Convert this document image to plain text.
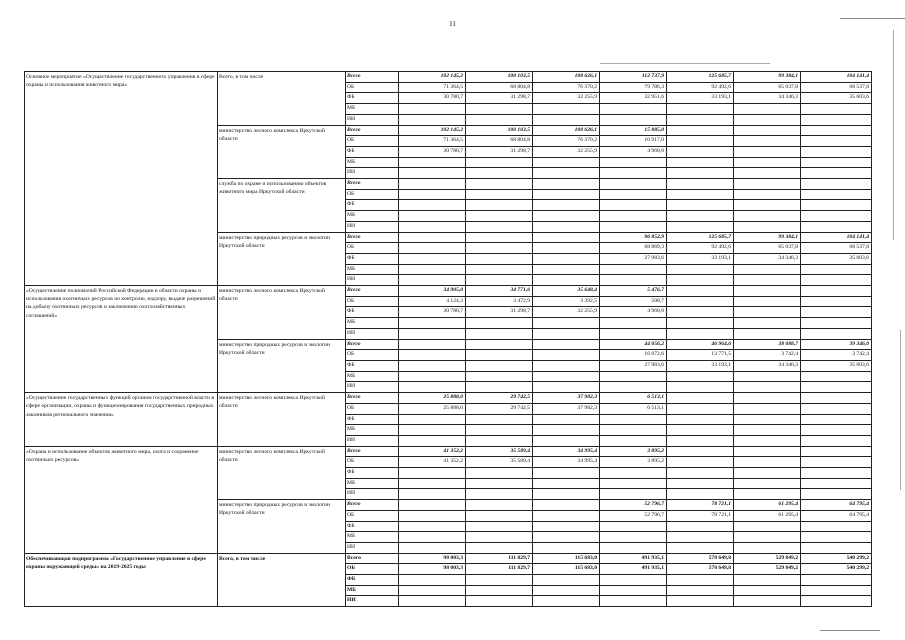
11
Основное мероприятие «Осуществление государственного управления в сфере охраны и использования животного мира»	Всего, в том числе	Всего	102 145,2	100 103,5	108 626,1	112 737,9	125 685,7	99 384,1	104 141,4
		ОБ	71 364,5	68 804,8	76 370,2	79 786,3	92 492,6	65 037,8	68 537,8
		ФБ	30 780,7	31 298,7	32 255,9	32 951,6	33 193,1	34 346,3	35 603,6
		МБ							
		ИИ							
	министерство лесного комплекса Иркутской области	Всего	102 145,2	100 103,5	108 626,1	15 885,0			
		ОБ	71 364,5	68 804,8	76 370,2	10 917,0			
		ФБ	30 780,7	31 298,7	32 255,9	4 968,0			
		МБ							
		ИИ							
	служба по охране и использованию объектов животного мира Иркутской области	Всего							
		ОБ							
		ФБ							
		МБ							
		ИИ							
	министерство природных ресурсов и экологии Иркутской области	Всего				96 852,9	125 685,7	99 384,1	104 141,4
		ОБ				68 869,3	92 492,6	65 037,8	68 537,8
		ФБ				27 983,6	33 193,1	34 346,3	35 603,6
		МБ							
		ИИ							
«Осуществление полномочий Российской Федерации в области охраны и использования охотничьих ресурсов по контролю, надзору, выдаче разрешений на добычу охотничьих ресурсов и заключению охотхозяйственных соглашений»	министерство лесного комплекса Иркутской области	Всего	34 905,0	34 771,6	35 648,4	5 476,7			
		ОБ	4 124,3	3 472,9	3 392,5	508,7			
		ФБ	30 780,7	31 298,7	32 255,9	4 968,0			
		МБ							
		ИИ							
	министерство природных ресурсов и экологии Иркутской области	Всего				44 056,2	46 964,6	38 088,7	39 346,0
		ОБ				16 072,6	13 771,5	3 742,4	3 742,4
		ФБ				27 983,6	33 193,1	34 346,3	35 603,6
		МБ							
		ИИ							
«Осуществление государственных функций органом государственной власти в сфере организации, охраны и функционирования государственных природных заказников регионального значения»	министерство лесного комплекса Иркутской области	Всего	25 888,0	29 742,5	37 982,3	6 513,1			
		ОБ	25 888,0	29 742,5	37 982,3	6 513,1			
		ФБ							
		МБ							
		ИИ							
«Охрана и использование объектов животного мира, охота и сохранение охотничьих ресурсов»	министерство лесного комплекса Иркутской области	Всего	41 352,2	35 589,4	34 995,4	3 895,2			
		ОБ	41 352,2	35 589,4	34 995,4	3 895,2			
		ФБ							
		МБ							
		ИИ							
	министерство природных ресурсов и экологии Иркутской области	Всего				52 796,7	78 721,1	61 295,4	64 795,4
		ОБ				52 796,7	78 721,1	61 295,4	64 795,4
		ФБ							
		МБ							
		ИИ							
Обеспечивающая подпрограмма «Государственное управление в сфере охраны окружающей среды» на 2019-2025 годы	Всего, в том числе	Всего	98 003,3	111 829,7	115 683,0	491 935,1	578 649,8	529 849,2	540 299,2
		ОБ	98 003,3	111 829,7	115 683,0	491 935,1	578 649,8	529 849,2	540 299,2
		ФБ							
		МБ							
		ИИ							
